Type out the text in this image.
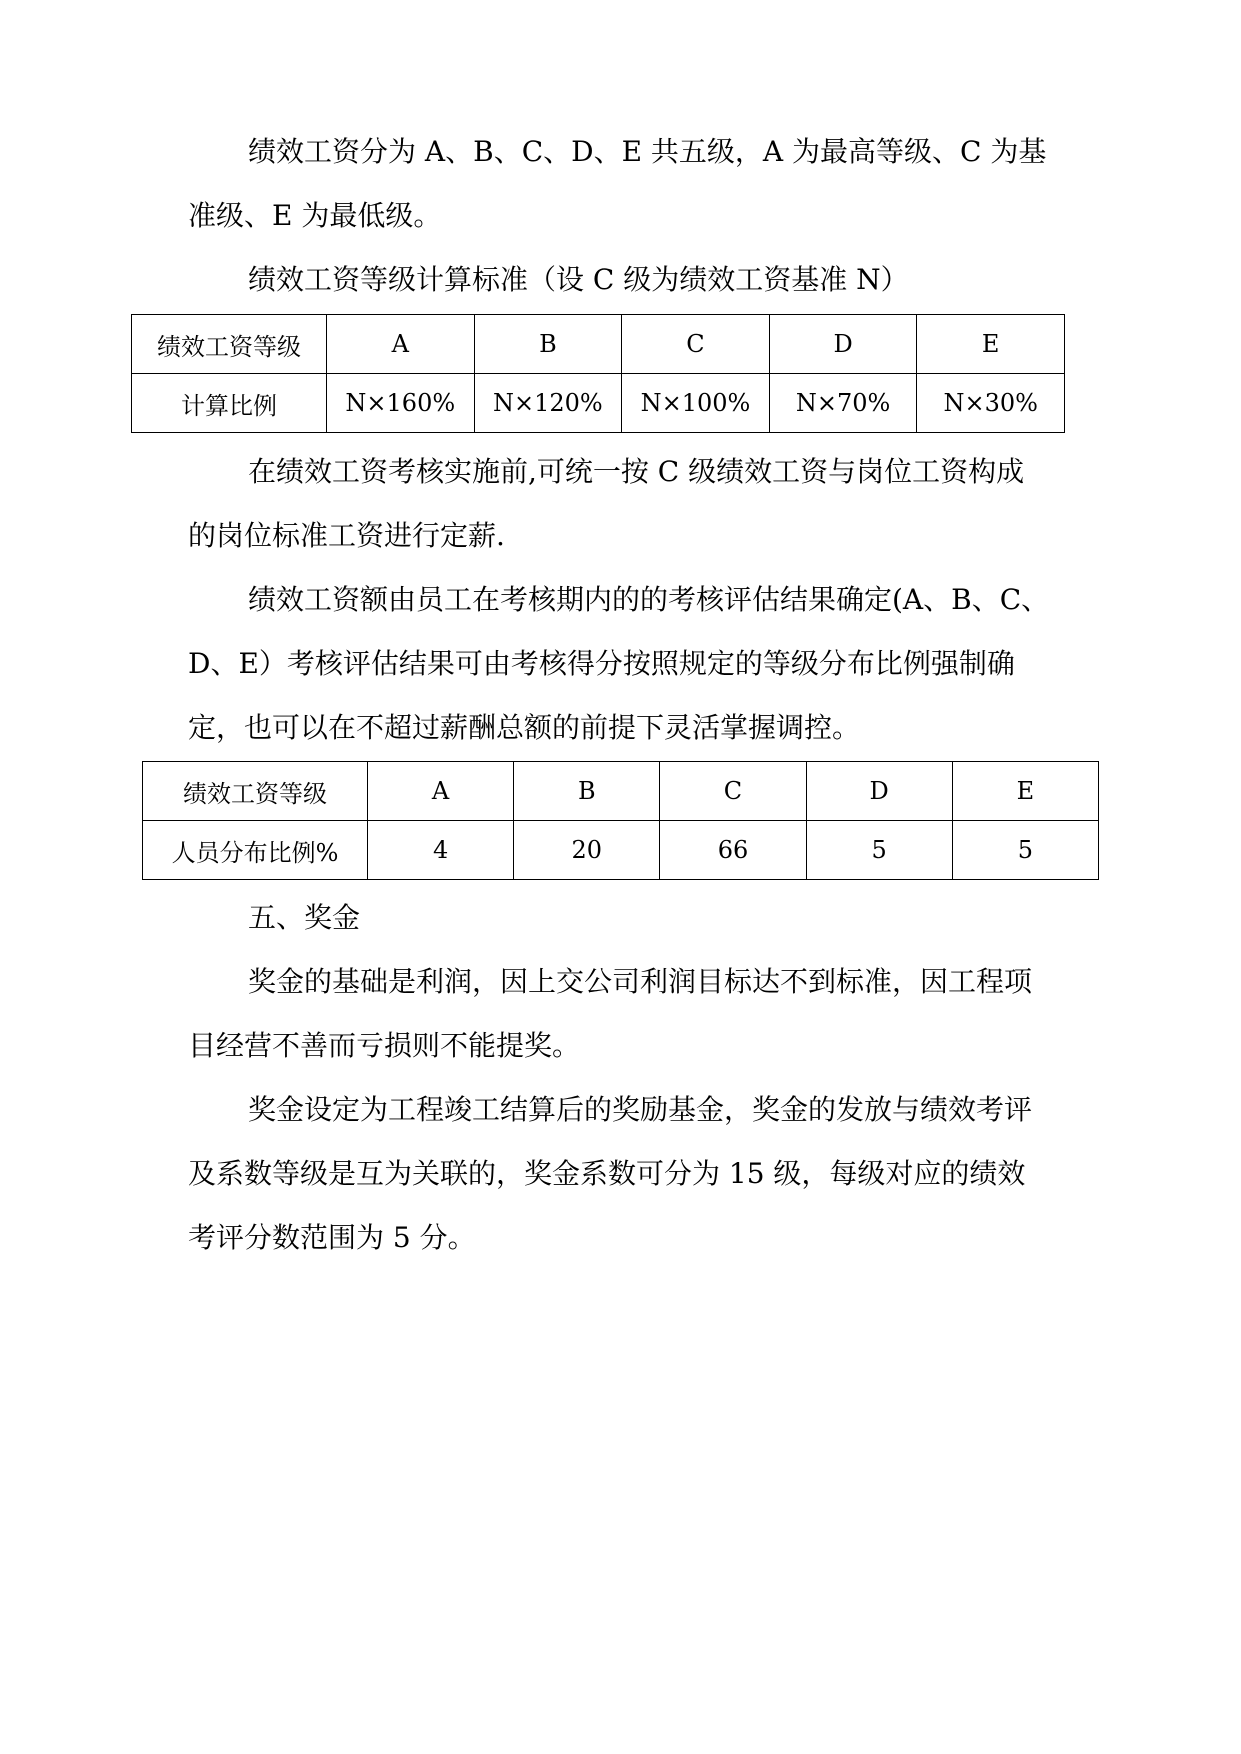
绩效工资分为 A、B、C、D、E 共五级，A 为最高等级、C 为基

准级、E 为最低级。

绩效工资等级计算标准（设 C 级为绩效工资基准 N）

绩效工资等级	A	B	C	D	E
计算比例	N×160%	N×120%	N×100%	N×70%	N×30%

在绩效工资考核实施前,可统一按 C 级绩效工资与岗位工资构成

的岗位标准工资进行定薪.

绩效工资额由员工在考核期内的的考核评估结果确定(A、B、C、

D、E）考核评估结果可由考核得分按照规定的等级分布比例强制确

定，也可以在不超过薪酬总额的前提下灵活掌握调控。

绩效工资等级	A	B	C	D	E
人员分布比例%	4	20	66	5	5

五、奖金

奖金的基础是利润，因上交公司利润目标达不到标准，因工程项

目经营不善而亏损则不能提奖。

奖金设定为工程竣工结算后的奖励基金，奖金的发放与绩效考评

及系数等级是互为关联的，奖金系数可分为 15 级，每级对应的绩效

考评分数范围为 5 分。
